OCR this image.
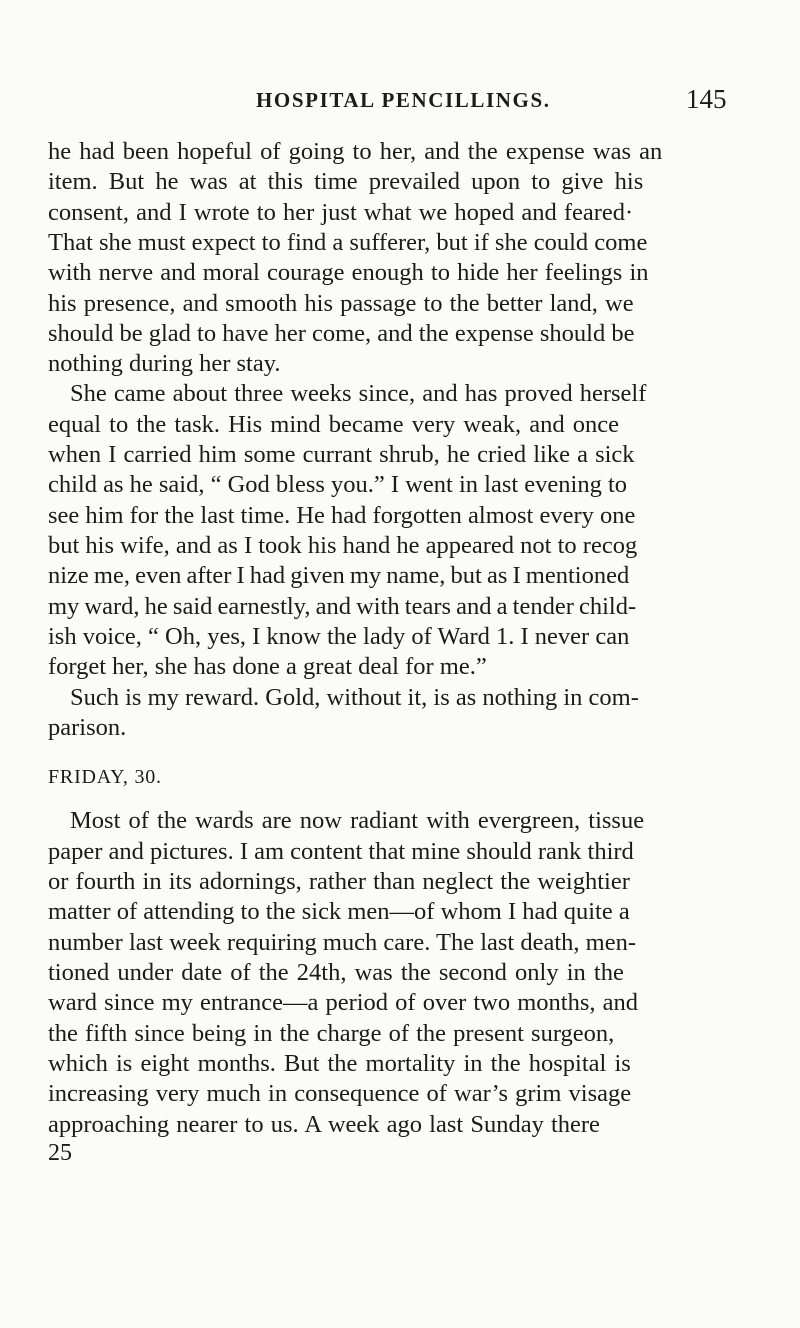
HOSPITAL PENCILLINGS.	145
he had been hopeful of going to her, and the expense was an
item. But he was at this time prevailed upon to give his
consent, and I wrote to her just what we hoped and feared·
That she must expect to find a sufferer, but if she could come
with nerve and moral courage enough to hide her feelings in
his presence, and smooth his passage to the better land, we
should be glad to have her come, and the expense should be
nothing during her stay.
She came about three weeks since, and has proved herself
equal to the task. His mind became very weak, and once
when I carried him some currant shrub, he cried like a sick
child as he said, “ God bless you.” I went in last evening to
see him for the last time. He had forgotten almost every one
but his wife, and as I took his hand he appeared not to recog
nize me, even after I had given my name, but as I mentioned
my ward, he said earnestly, and with tears and a tender child-
ish voice, “ Oh, yes, I know the lady of Ward 1. I never can
forget her, she has done a great deal for me.”
Such is my reward. Gold, without it, is as nothing in com-
parison.
FRIDAY, 30.
Most of the wards are now radiant with evergreen, tissue
paper and pictures. I am content that mine should rank third
or fourth in its adornings, rather than neglect the weightier
matter of attending to the sick men—of whom I had quite a
number last week requiring much care. The last death, men-
tioned under date of the 24th, was the second only in the
ward since my entrance—a period of over two months, and
the fifth since being in the charge of the present surgeon,
which is eight months. But the mortality in the hospital is
increasing very much in consequence of war’s grim visage
approaching nearer to us. A week ago last Sunday there
25
